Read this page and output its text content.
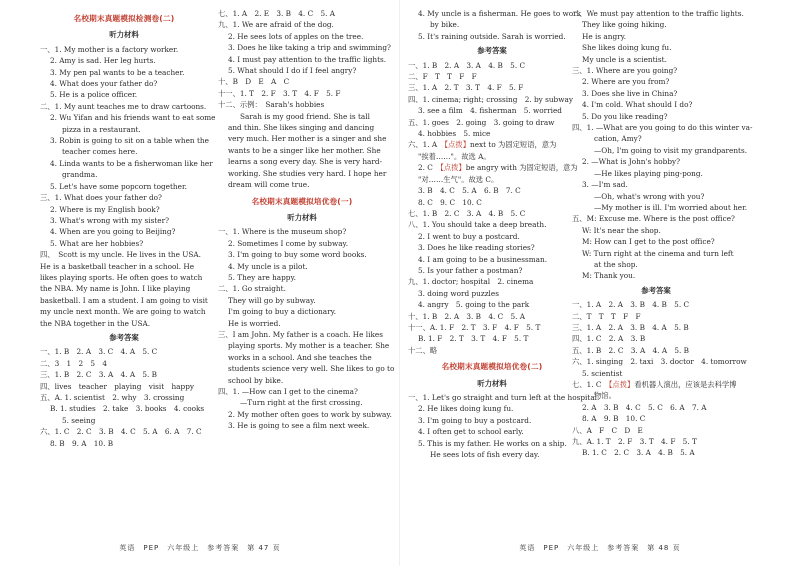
名校期末真题模拟检测卷(二)
听力材料
一、1. My mother is a factory worker.
2. Amy is sad. Her leg hurts.
3. My pen pal wants to be a teacher.
4. What does your father do?
5. He is a police officer.
二、1. My aunt teaches me to draw cartoons.
2. Wu Yifan and his friends want to eat some
pizza in a restaurant.
3. Robin is going to sit on a table when the
teacher comes here.
4. Linda wants to be a fisherwoman like her
grandma.
5. Let's have some popcorn together.
三、1. What does your father do?
2. Where is my English book?
3. What's wrong with my sister?
4. When are you going to Beijing?
5. What are her hobbies?
四、　Scott is my uncle. He lives in the USA.
He is a basketball teacher in a school. He
likes playing sports. He often goes to watch
the NBA. My name is John. I like playing
basketball. I am a student. I am going to visit
my uncle next month. We are going to watch
the NBA together in the USA.
参考答案
一、1. B　2. A　3. C　4. A　5. C
二、3　1　2　5　4
三、1. B　2. C　3. A　4. A　5. B
四、lives　teacher　playing　visit　happy
五、A. 1. scientist　2. why　3. crossing
B. 1. studies　2. take　3. books　4. cooks
5. seeing
六、1. C　2. C　3. B　4. C　5. A　6. A　7. C
8. B　9. A　10. B
七、1. A　2. E　3. B　4. C　5. A
九、1. We are afraid of the dog.
2. He sees lots of apples on the tree.
3. Does he like taking a trip and swimming?
4. I must pay attention to the traffic lights.
5. What should I do if I feel angry?
十、B　D　E　A　C
十一、1. T　2. F　3. T　4. F　5. F
十二、示例：　Sarah's hobbies
Sarah is my good friend. She is tall
and thin. She likes singing and dancing
very much. Her mother is a singer and she
wants to be a singer like her mother. She
learns a song every day. She is very hard-
working. She studies very hard. I hope her
dream will come true.
名校期末真题模拟培优卷(一)
听力材料
一、1. Where is the museum shop?
2. Sometimes I come by subway.
3. I'm going to buy some word books.
4. My uncle is a pilot.
5. They are happy.
二、1. Go straight.
They will go by subway.
I'm going to buy a dictionary.
He is worried.
三、I am John. My father is a coach. He likes
playing sports. My mother is a teacher. She
works in a school. And she teaches the
students science very well. She likes to go to
school by bike.
四、1. —How can I get to the cinema?
—Turn right at the first crossing.
2. My mother often goes to work by subway.
3. He is going to see a film next week.
英语　PEP　六年级上　参考答案　第 47 页
4. My uncle is a fisherman. He goes to work
by bike.
5. It's raining outside. Sarah is worried.
参考答案
一、1. B　2. A　3. A　4. B　5. C
二、F　T　T　F　F
三、1. A　2. T　3. T　4. F　5. F
四、1. cinema; right; crossing　2. by subway
3. see a film　4. fisherman　5. worried
五、1. goes　2. going　3. going to draw
4. hobbies　5. mice
六、1. A　【点拨】next to 为固定短语，意为
"挨着……"。故选 A。
2. C　【点拨】be angry with 为固定短语，意为
"对……生气"。故选 C。
3. B　4. C　5. A　6. B　7. C
8. C　9. C　10. C
七、1. B　2. C　3. A　4. B　5. C
八、1. You should take a deep breath.
2. I went to buy a postcard.
3. Does he like reading stories?
4. I am going to be a businessman.
5. Is your father a postman?
九、1. doctor; hospital　2. cinema
3. doing word puzzles
4. angry　5. going to the park
十、1. B　2. A　3. B　4. C　5. A
十一、A. 1. F　2. T　3. F　4. F　5. T
B. 1. F　2. T　3. T　4. F　5. T
十二、略
名校期末真题模拟培优卷(二)
听力材料
一、1. Let's go straight and turn left at the hospital.
2. He likes doing kung fu.
3. I'm going to buy a postcard.
4. I often get to school early.
5. This is my father. He works on a ship.
He sees lots of fish every day.
二、We must pay attention to the traffic lights.
They like going hiking.
He is angry.
She likes doing kung fu.
My uncle is a scientist.
三、1. Where are you going?
2. Where are you from?
3. Does she live in China?
4. I'm cold. What should I do?
5. Do you like reading?
四、1. —What are you going to do this winter va-
cation, Amy?
—Oh, I'm going to visit my grandparents.
2. —What is John's hobby?
—He likes playing ping-pong.
3. —I'm sad.
—Oh, what's wrong with you?
—My mother is ill. I'm worried about her.
五、M: Excuse me. Where is the post office?
W: It's near the shop.
M: How can I get to the post office?
W: Turn right at the cinema and turn left
at the shop.
M: Thank you.
参考答案
一、1. A　2. A　3. B　4. B　5. C
二、T　T　T　F　F
三、1. A　2. A　3. B　4. A　5. B
四、1. C　2. A　3. B
五、1. B　2. C　3. A　4. A　5. B
六、1. singing　2. taxi　3. doctor　4. tomorrow
5. scientist
七、1. C　【点拨】看机器人演出，应该是去科学博
物馆。
2. A　3. B　4. C　5. C　6. A　7. A
8. A　9. B　10. C
八、A　F　C　D　E
九、A. 1. T　2. F　3. T　4. F　5. T
B. 1. C　2. C　3. A　4. B　5. A
英语　PEP　六年级上　参考答案　第 48 页
